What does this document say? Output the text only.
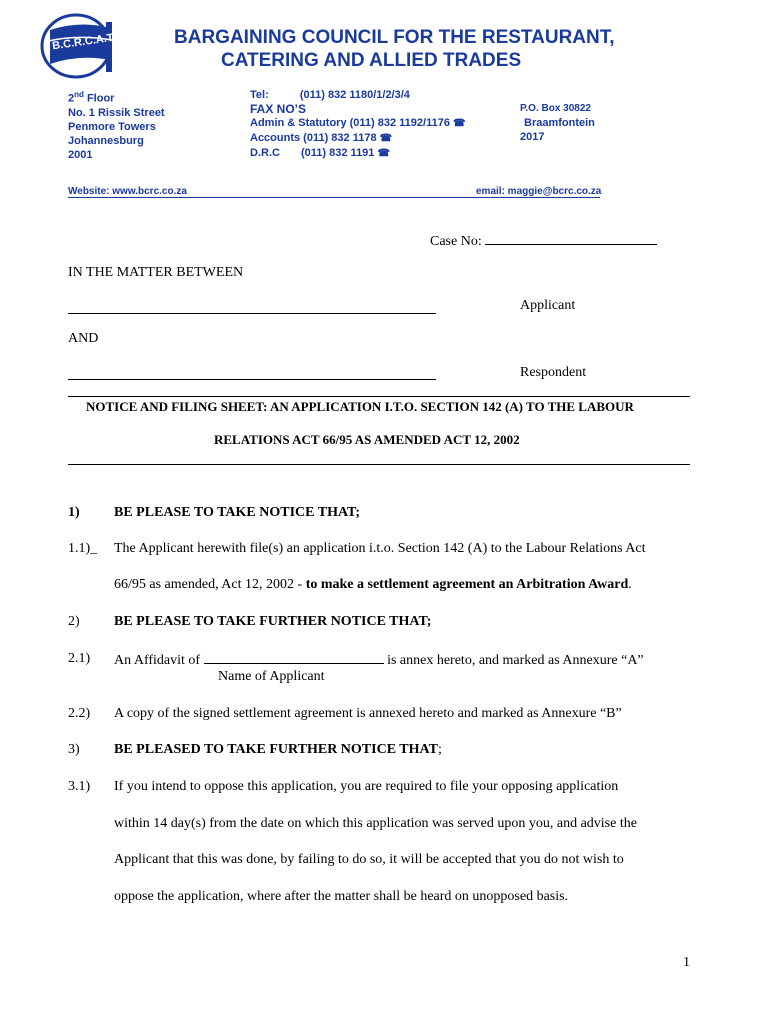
B.C.R.C.A.T.	BARGAINING COUNCIL FOR THE RESTAURANT,
CATERING AND ALLIED TRADES
2nd Floor
No. 1 Rissik Street
Penmore Towers
Johannesburg
2001
Tel:	(011) 832 1180/1/2/3/4
FAX NO’S
Admin & Statutory (011) 832 1192/1176 ☎
Accounts (011) 832 1178 ☎
D.R.C (011) 832 1191 ☎
P.O. Box 30822
Braamfontein
2017
Website: www.bcrc.co.za	email: maggie@bcrc.co.za
Case No:
IN THE MATTER BETWEEN
Applicant
AND
Respondent
NOTICE AND FILING SHEET: AN APPLICATION I.T.O. SECTION 142 (A) TO THE LABOUR
RELATIONS ACT 66/95 AS AMENDED ACT 12, 2002
1) BE PLEASE TO TAKE NOTICE THAT;
1.1)_ The Applicant herewith file(s) an application i.t.o. Section 142 (A) to the Labour Relations Act
66/95 as amended, Act 12, 2002 - to make a settlement agreement an Arbitration Award.
2) BE PLEASE TO TAKE FURTHER NOTICE THAT;
2.1) An Affidavit of	is annex hereto, and marked as Annexure “A”
Name of Applicant
2.2) A copy of the signed settlement agreement is annexed hereto and marked as Annexure “B”
3) BE PLEASED TO TAKE FURTHER NOTICE THAT;
3.1) If you intend to oppose this application, you are required to file your opposing application
within 14 day(s) from the date on which this application was served upon you, and advise the
Applicant that this was done, by failing to do so, it will be accepted that you do not wish to
oppose the application, where after the matter shall be heard on unopposed basis.
1
